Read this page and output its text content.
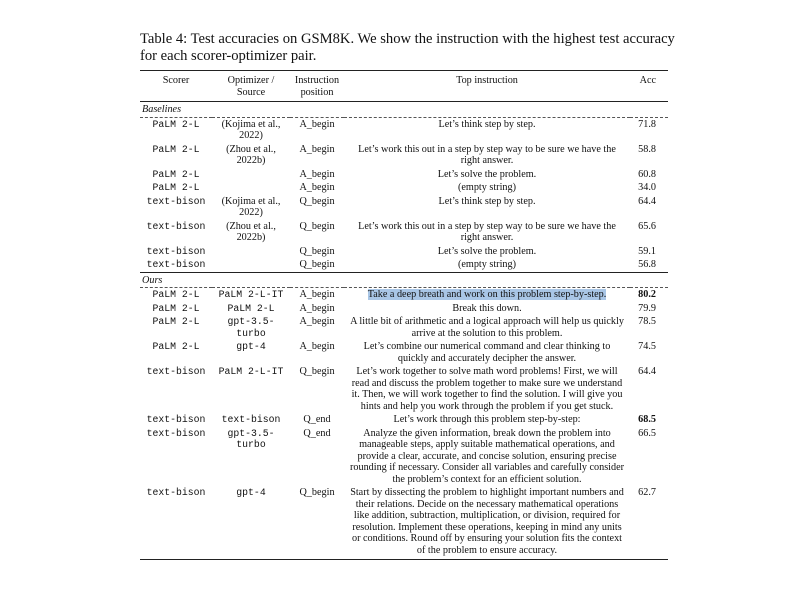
Table 4: Test accuracies on GSM8K. We show the instruction with the highest test accuracy for each scorer-optimizer pair.

Scorer	Optimizer / Source	Instruction position	Top instruction	Acc
Baselines				
PaLM 2-L	(Kojima et al., 2022)	A_begin	Let’s think step by step.	71.8
PaLM 2-L	(Zhou et al., 2022b)	A_begin	Let’s work this out in a step by step way to be sure we have the right answer.	58.8
PaLM 2-L		A_begin	Let’s solve the problem.	60.8
PaLM 2-L		A_begin	(empty string)	34.0
text-bison	(Kojima et al., 2022)	Q_begin	Let’s think step by step.	64.4
text-bison	(Zhou et al., 2022b)	Q_begin	Let’s work this out in a step by step way to be sure we have the right answer.	65.6
text-bison		Q_begin	Let’s solve the problem.	59.1
text-bison		Q_begin	(empty string)	56.8
Ours				
PaLM 2-L	PaLM 2-L-IT	A_begin	Take a deep breath and work on this problem step-by-step.	80.2
PaLM 2-L	PaLM 2-L	A_begin	Break this down.	79.9
PaLM 2-L	gpt-3.5-turbo	A_begin	A little bit of arithmetic and a logical approach will help us quickly arrive at the solution to this problem.	78.5
PaLM 2-L	gpt-4	A_begin	Let’s combine our numerical command and clear thinking to quickly and accurately decipher the answer.	74.5
text-bison	PaLM 2-L-IT	Q_begin	Let’s work together to solve math word problems! First, we will read and discuss the problem together to make sure we understand it. Then, we will work together to find the solution. I will give you hints and help you work through the problem if you get stuck.	64.4
text-bison	text-bison	Q_end	Let’s work through this problem step-by-step:	68.5
text-bison	gpt-3.5-turbo	Q_end	Analyze the given information, break down the problem into manageable steps, apply suitable mathematical operations, and provide a clear, accurate, and concise solution, ensuring precise rounding if necessary. Consider all variables and carefully consider the problem’s context for an efficient solution.	66.5
text-bison	gpt-4	Q_begin	Start by dissecting the problem to highlight important numbers and their relations. Decide on the necessary mathematical operations like addition, subtraction, multiplication, or division, required for resolution. Implement these operations, keeping in mind any units or conditions. Round off by ensuring your solution fits the context of the problem to ensure accuracy.	62.7
